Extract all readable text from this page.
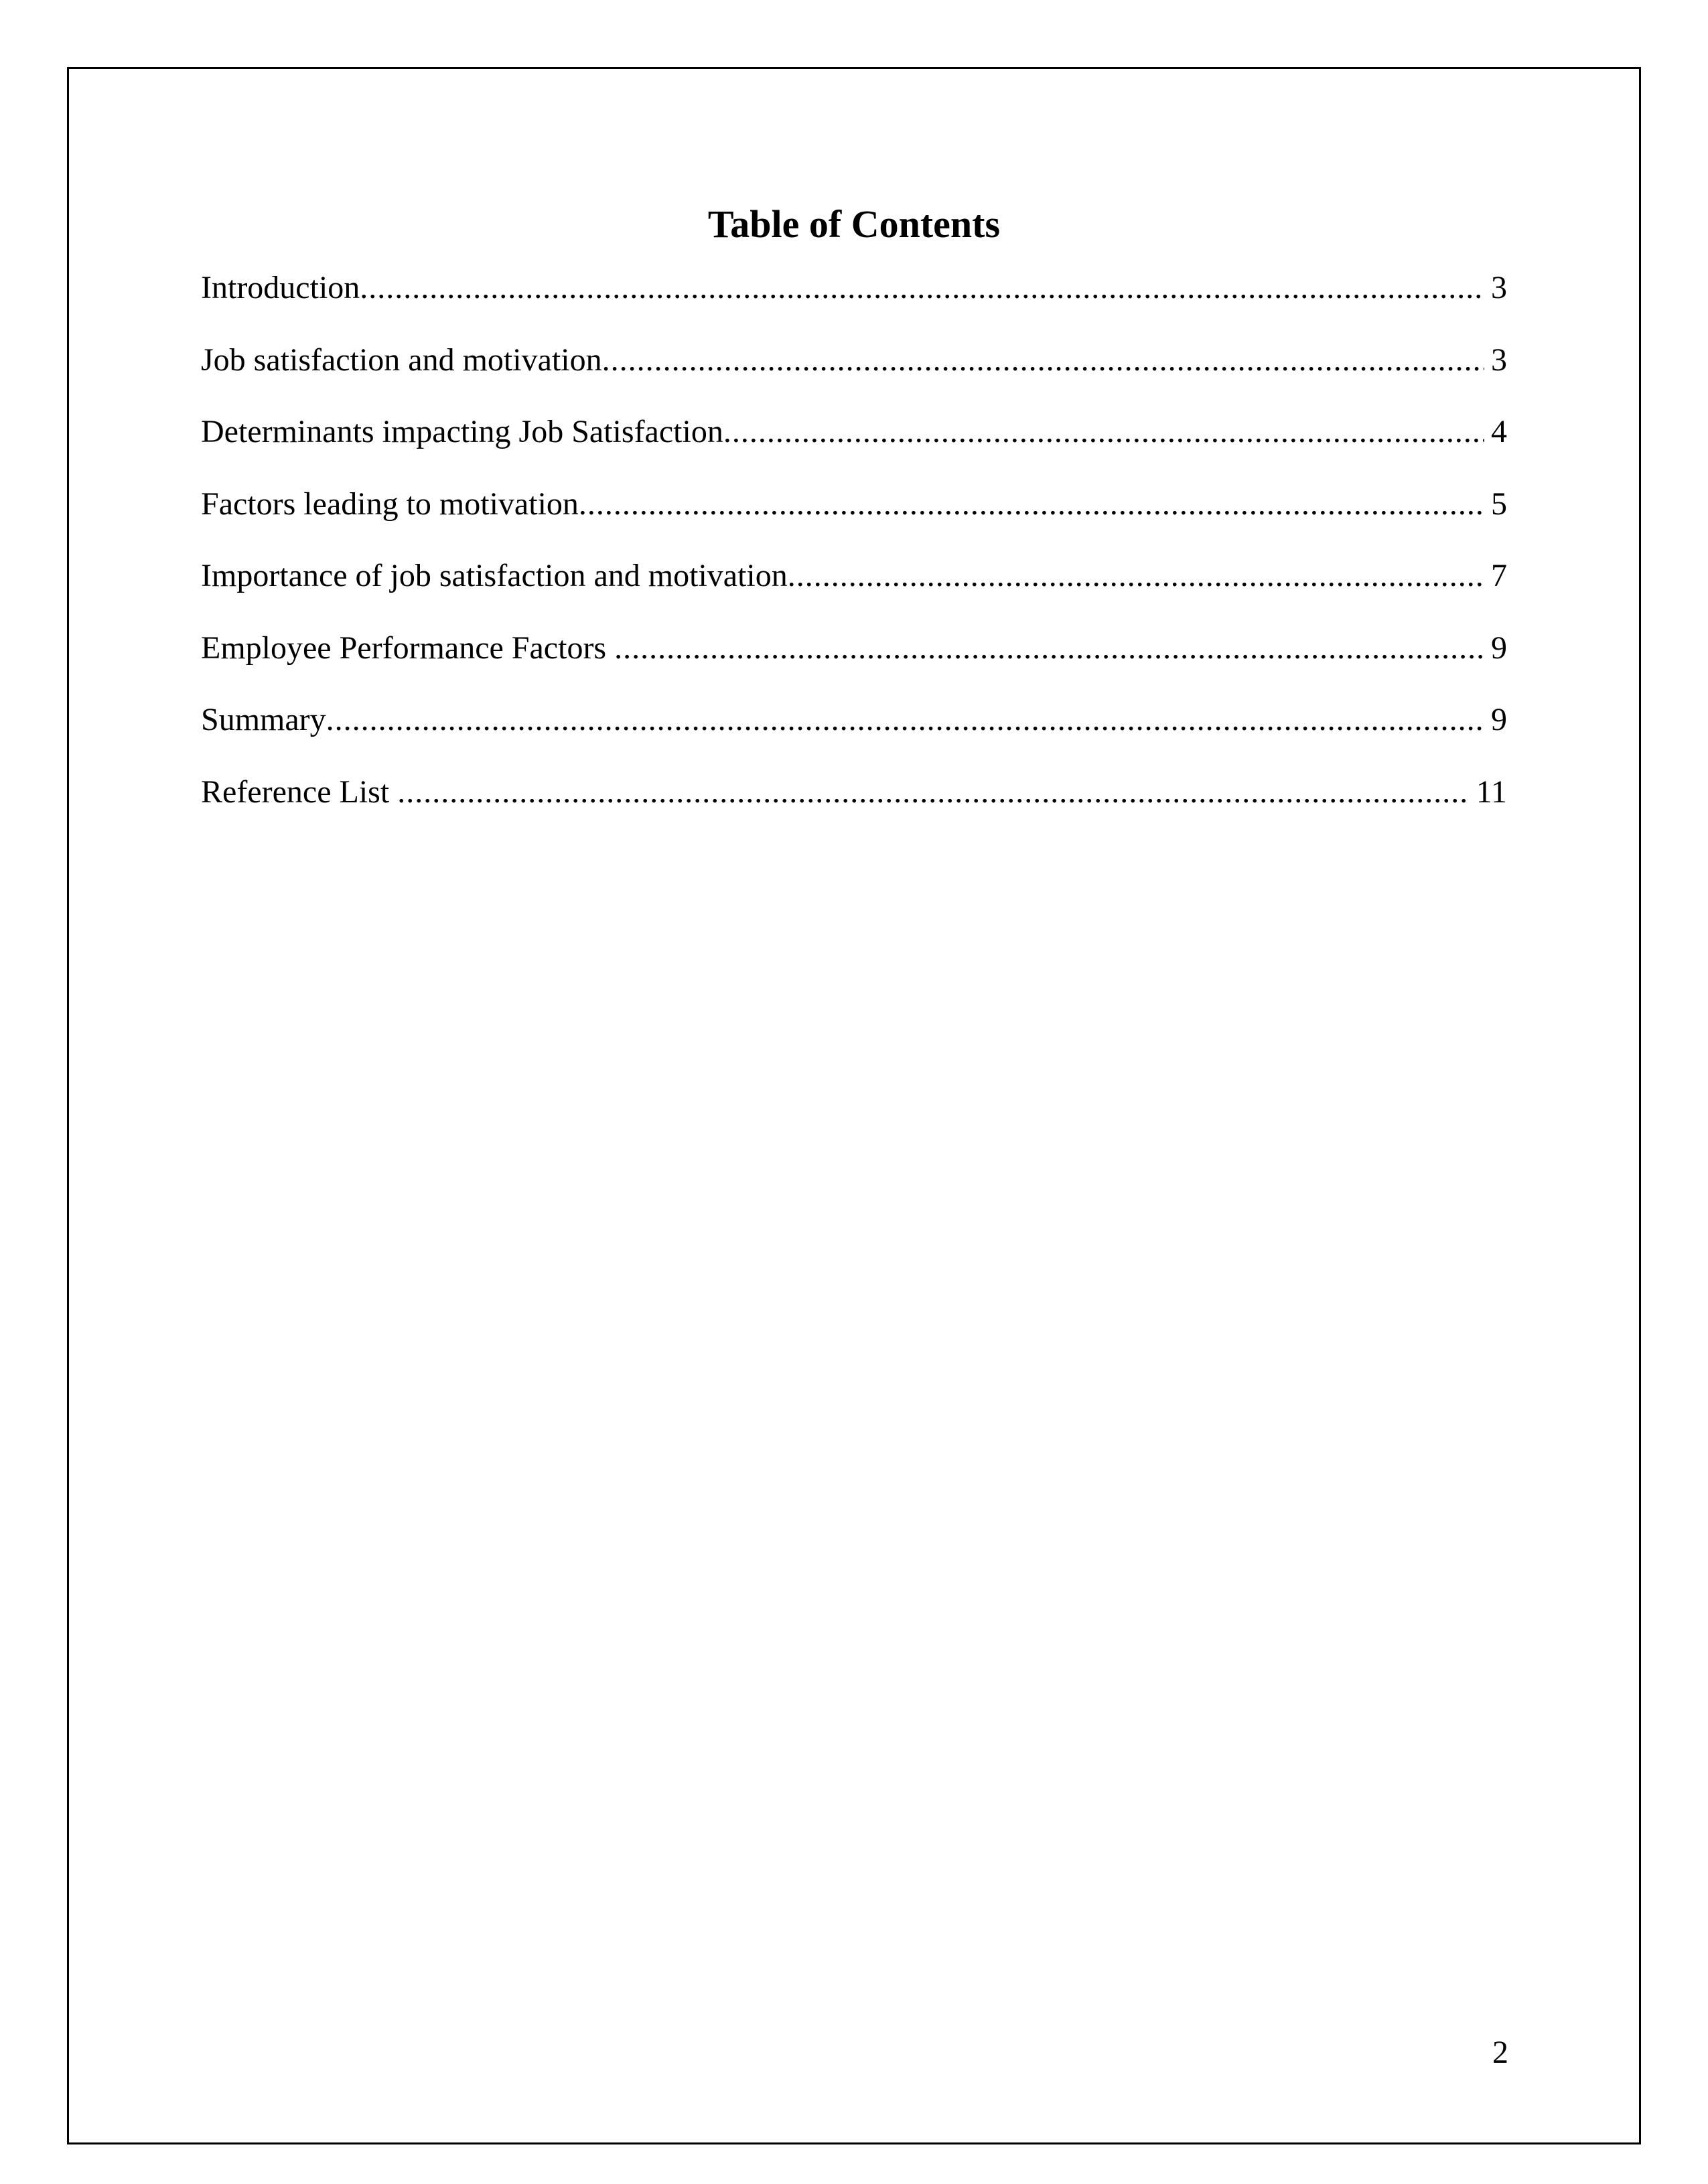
Table of Contents
Introduction .....	3
Job satisfaction and motivation .....	3
Determinants impacting Job Satisfaction .....	4
Factors leading to motivation .....	5
Importance of job satisfaction and motivation .....	7
Employee Performance Factors .....	9
Summary .....	9
Reference List .....	11
2
